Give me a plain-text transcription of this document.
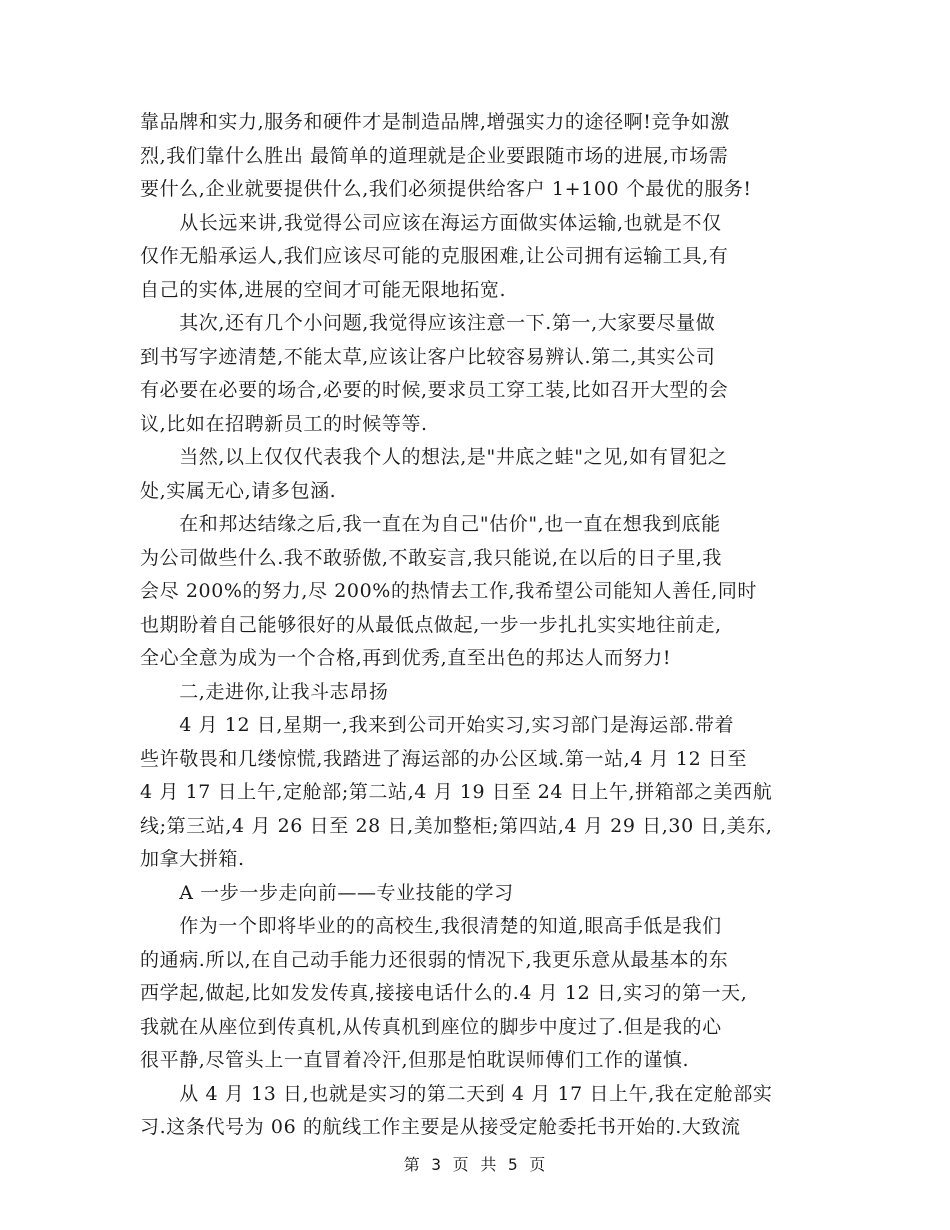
靠品牌和实力,服务和硬件才是制造品牌,增强实力的途径啊!竞争如激
烈,我们靠什么胜出 最简单的道理就是企业要跟随市场的进展,市场需
要什么,企业就要提供什么,我们必须提供给客户 1+100 个最优的服务!
　　从长远来讲,我觉得公司应该在海运方面做实体运输,也就是不仅
仅作无船承运人,我们应该尽可能的克服困难,让公司拥有运输工具,有
自己的实体,进展的空间才可能无限地拓宽.
　　其次,还有几个小问题,我觉得应该注意一下.第一,大家要尽量做
到书写字迹清楚,不能太草,应该让客户比较容易辨认.第二,其实公司
有必要在必要的场合,必要的时候,要求员工穿工装,比如召开大型的会
议,比如在招聘新员工的时候等等.
　　当然,以上仅仅代表我个人的想法,是"井底之蛙"之见,如有冒犯之
处,实属无心,请多包涵.
　　在和邦达结缘之后,我一直在为自己"估价",也一直在想我到底能
为公司做些什么.我不敢骄傲,不敢妄言,我只能说,在以后的日子里,我
会尽 200%的努力,尽 200%的热情去工作,我希望公司能知人善任,同时
也期盼着自己能够很好的从最低点做起,一步一步扎扎实实地往前走,
全心全意为成为一个合格,再到优秀,直至出色的邦达人而努力!
　　二,走进你,让我斗志昂扬
　　4 月 12 日,星期一,我来到公司开始实习,实习部门是海运部.带着
些许敬畏和几缕惊慌,我踏进了海运部的办公区域.第一站,4 月 12 日至
4 月 17 日上午,定舱部;第二站,4 月 19 日至 24 日上午,拼箱部之美西航
线;第三站,4 月 26 日至 28 日,美加整柜;第四站,4 月 29 日,30 日,美东,
加拿大拼箱.
　　A 一步一步走向前——专业技能的学习
　　作为一个即将毕业的的高校生,我很清楚的知道,眼高手低是我们
的通病.所以,在自己动手能力还很弱的情况下,我更乐意从最基本的东
西学起,做起,比如发发传真,接接电话什么的.4 月 12 日,实习的第一天,
我就在从座位到传真机,从传真机到座位的脚步中度过了.但是我的心
很平静,尽管头上一直冒着冷汗,但那是怕耽误师傅们工作的谨慎.
　　从 4 月 13 日,也就是实习的第二天到 4 月 17 日上午,我在定舱部实
习.这条代号为 06 的航线工作主要是从接受定舱委托书开始的.大致流
第 3 页 共 5 页
